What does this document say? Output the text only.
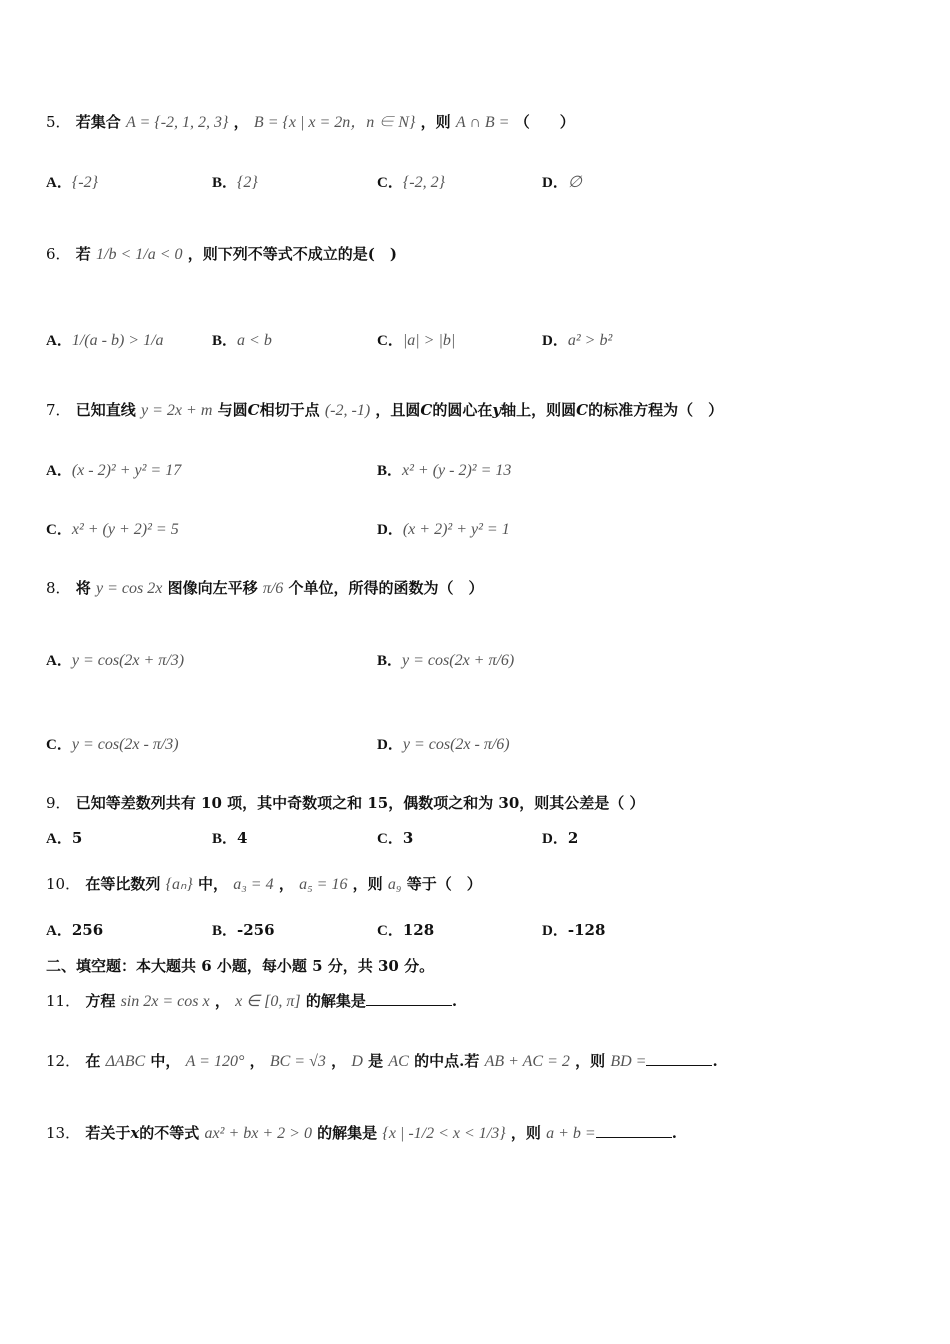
5． 若集合 A = {-2, 1, 2, 3} ， B = {x | x = 2n，n ∈ N} ，则 A ∩ B = （　　）
A．{-2}	B．{2}	C．{-2, 2}	D．∅
6． 若 1/b < 1/a < 0 ，则下列不等式不成立的是(　)
A．1/(a - b) > 1/a	B．a < b	C．|a| > |b|	D．a² > b²
7． 已知直线 y = 2x + m 与圆C相切于点 (-2, -1) ，且圆C的圆心在y轴上，则圆C的标准方程为（　）
A．(x - 2)² + y² = 17	B．x² + (y - 2)² = 13
C．x² + (y + 2)² = 5	D．(x + 2)² + y² = 1
8． 将 y = cos 2x 图像向左平移 π/6 个单位，所得的函数为（　）
A．y = cos(2x + π/3)	B．y = cos(2x + π/6)
C．y = cos(2x - π/3)	D．y = cos(2x - π/6)
9． 已知等差数列共有 10 项，其中奇数项之和 15，偶数项之和为 30，则其公差是（ ）
A．5	B．4	C．3	D．2
10． 在等比数列 {aₙ} 中， a₃ = 4 ， a₅ = 16 ，则 a₉ 等于（　）
A．256	B．-256	C．128	D．-128
二、填空题：本大题共 6 小题，每小题 5 分，共 30 分。
11． 方程 sin 2x = cos x ， x ∈ [0, π] 的解集是	.
12． 在 ΔABC 中， A = 120° ， BC = √3 ， D 是 AC 的中点.若 AB + AC = 2 ，则 BD =	.
13． 若关于x的不等式 ax² + bx + 2 > 0 的解集是 {x | -1/2 < x < 1/3} ，则 a + b =	.
